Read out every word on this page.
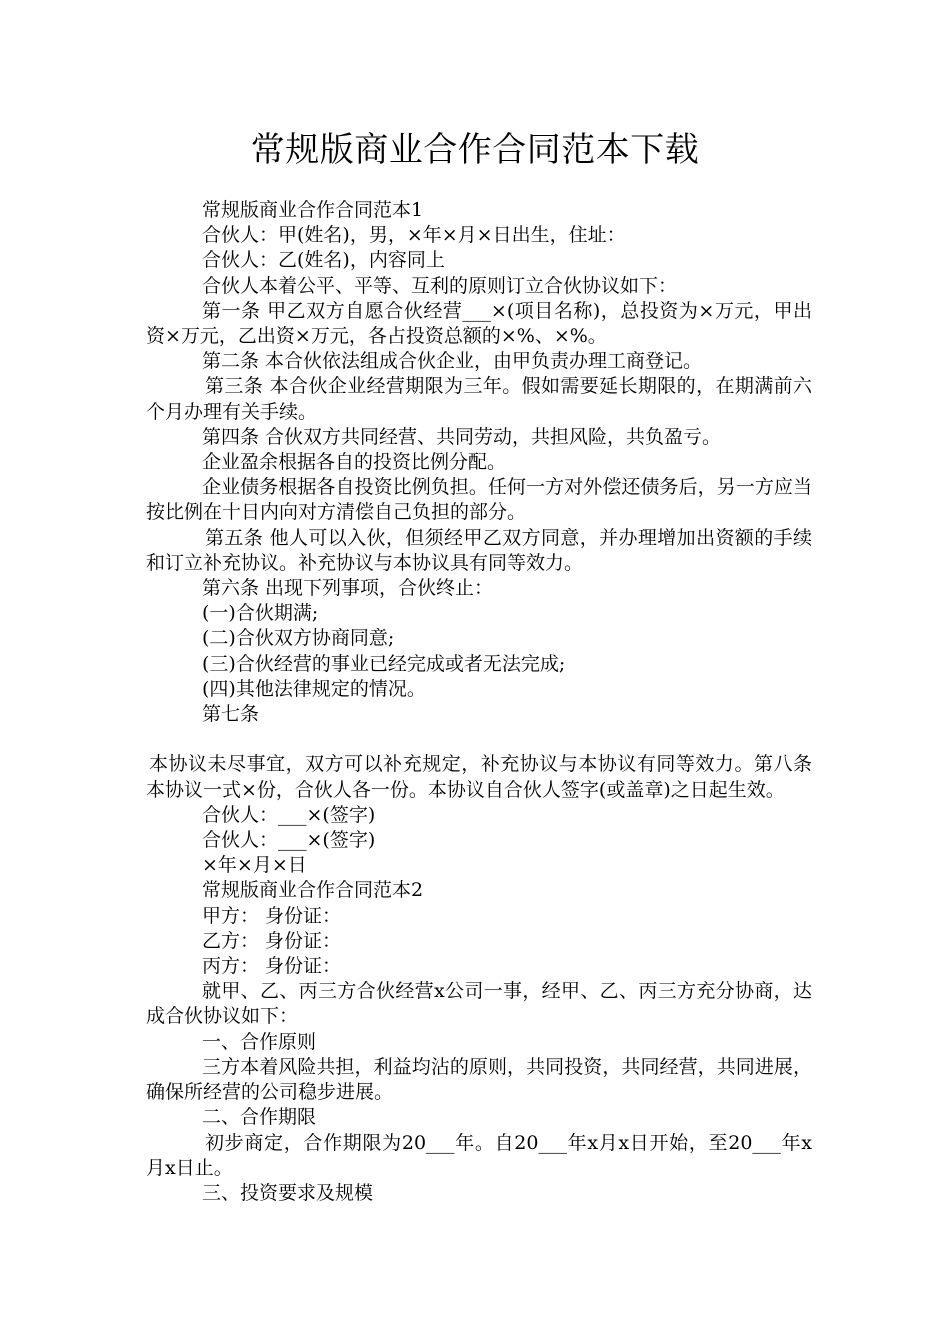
常规版商业合作合同范本下载

常规版商业合作合同范本1

合伙人：甲(姓名)，男，×年×月×日出生，住址：

合伙人：乙(姓名)，内容同上

合伙人本着公平、平等、互利的原则订立合伙协议如下：

第一条 甲乙双方自愿合伙经营___×(项目名称)，总投资为×万元，甲出资×万元，乙出资×万元，各占投资总额的×%、×%。

第二条 本合伙依法组成合伙企业，由甲负责办理工商登记。

第三条 本合伙企业经营期限为三年。假如需要延长期限的，在期满前六个月办理有关手续。

第四条 合伙双方共同经营、共同劳动，共担风险，共负盈亏。

企业盈余根据各自的投资比例分配。

企业债务根据各自投资比例负担。任何一方对外偿还债务后，另一方应当按比例在十日内向对方清偿自己负担的部分。

第五条 他人可以入伙，但须经甲乙双方同意，并办理增加出资额的手续和订立补充协议。补充协议与本协议具有同等效力。

第六条 出现下列事项，合伙终止：

(一)合伙期满;

(二)合伙双方协商同意;

(三)合伙经营的事业已经完成或者无法完成;

(四)其他法律规定的情况。

第七条

本协议未尽事宜，双方可以补充规定，补充协议与本协议有同等效力。第八条本协议一式×份，合伙人各一份。本协议自合伙人签字(或盖章)之日起生效。

合伙人：___×(签字)

合伙人：___×(签字)

×年×月×日

常规版商业合作合同范本2

甲方： 身份证：

乙方： 身份证：

丙方： 身份证：

就甲、乙、丙三方合伙经营x公司一事，经甲、乙、丙三方充分协商，达成合伙协议如下：

一、合作原则

三方本着风险共担，利益均沾的原则，共同投资，共同经营，共同进展，确保所经营的公司稳步进展。

二、合作期限

初步商定，合作期限为20___年。自20___年x月x日开始，至20___年x月x日止。

三、投资要求及规模
